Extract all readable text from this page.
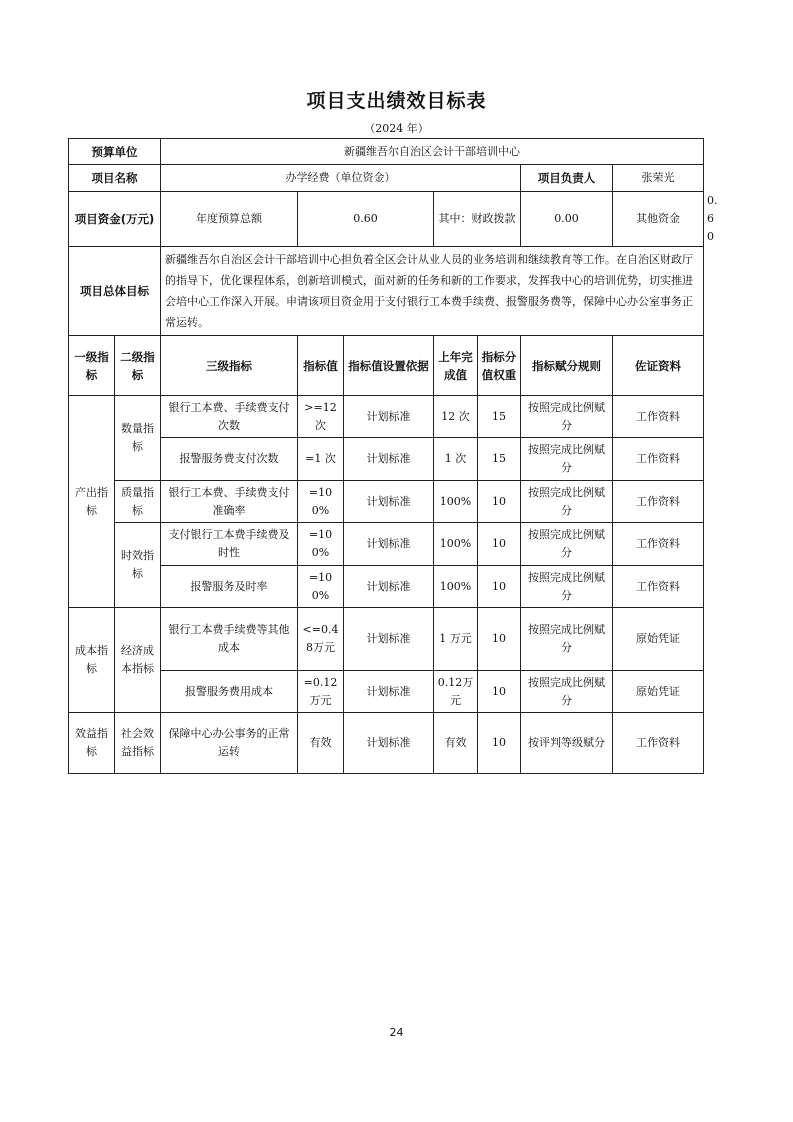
项目支出绩效目标表
（2024 年）
预算单位		新疆维吾尔自治区会计干部培训中心							
项目名称		办学经费（单位资金）					项目负责人	张荣光	
项目资金(万元)		年度预算总额	0.60		其中：财政拨款		0.00	其他资金	0.60
项目总体目标		新疆维吾尔自治区会计干部培训中心担负着全区会计从业人员的业务培训和继续教育等工作。在自治区财政厅的指导下，优化课程体系，创新培训模式，面对新的任务和新的工作要求，发挥我中心的培训优势，切实推进会培中心工作深入开展。申请该项目资金用于支付银行工本费手续费、报警服务费等，保障中心办公室事务正常运转。							
一级指标	二级指标	三级指标	指标值	指标值设置依据	上年完成值	指标分值权重	指标赋分规则	佐证资料	
产出指标	数量指标	银行工本费、手续费支付次数	>=12次	计划标准	12 次	15	按照完成比例赋分	工作资料	
		报警服务费支付次数	=1 次	计划标准	1 次	15	按照完成比例赋分	工作资料	
	质量指标	银行工本费、手续费支付准确率	=100%	计划标准	100%	10	按照完成比例赋分	工作资料	
	时效指标	支付银行工本费手续费及时性	=100%	计划标准	100%	10	按照完成比例赋分	工作资料	
		报警服务及时率	=100%	计划标准	100%	10	按照完成比例赋分	工作资料	
成本指标	经济成本指标	银行工本费手续费等其他成本	<=0.48万元	计划标准	1 万元	10	按照完成比例赋分	原始凭证	
		报警服务费用成本	=0.12万元	计划标准	0.12万元	10	按照完成比例赋分	原始凭证	
效益指标	社会效益指标	保障中心办公事务的正常运转	有效	计划标准	有效	10	按评判等级赋分	工作资料	
24
